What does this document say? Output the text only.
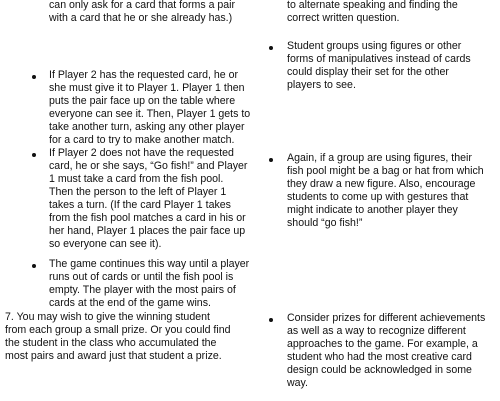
can only ask for a card that forms a pair
with a card that he or she already has.)
If Player 2 has the requested card, he or
she must give it to Player 1. Player 1 then
puts the pair face up on the table where
everyone can see it. Then, Player 1 gets to
take another turn, asking any other player
for a card to try to make another match.
If Player 2 does not have the requested
card, he or she says, “Go fish!” and Player
1 must take a card from the fish pool.
Then the person to the left of Player 1
takes a turn. (If the card Player 1 takes
from the fish pool matches a card in his or
her hand, Player 1 places the pair face up
so everyone can see it).
The game continues this way until a player
runs out of cards or until the fish pool is
empty. The player with the most pairs of
cards at the end of the game wins.
7. You may wish to give the winning student
from each group a small prize. Or you could find
the student in the class who accumulated the
most pairs and award just that student a prize.
to alternate speaking and finding the
correct written question.
Student groups using figures or other
forms of manipulatives instead of cards
could display their set for the other
players to see.
Again, if a group are using figures, their
fish pool might be a bag or hat from which
they draw a new figure. Also, encourage
students to come up with gestures that
might indicate to another player they
should “go fish!”
Consider prizes for different achievements
as well as a way to recognize different
approaches to the game. For example, a
student who had the most creative card
design could be acknowledged in some
way.
